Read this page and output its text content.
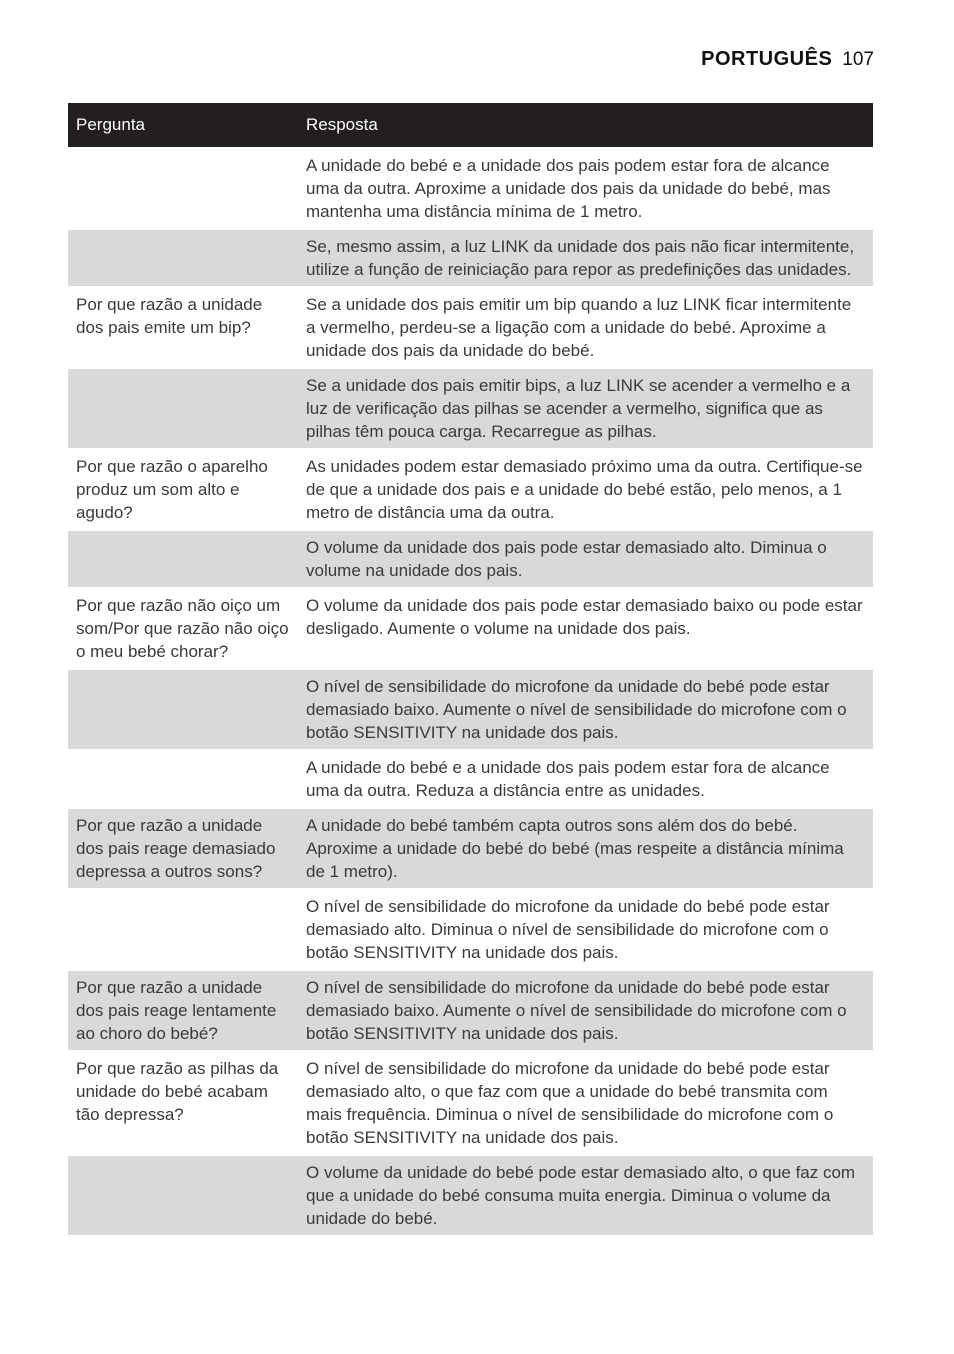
PORTUGUÊS 107
Pergunta	Resposta
	A unidade do bebé e a unidade dos pais podem estar fora de alcance uma da outra. Aproxime a unidade dos pais da unidade do bebé, mas mantenha uma distância mínima de 1 metro.
	Se, mesmo assim, a luz LINK da unidade dos pais não ficar intermitente, utilize a função de reiniciação para repor as predefinições das unidades.
Por que razão a unidade dos pais emite um bip?	Se a unidade dos pais emitir um bip quando a luz LINK ficar intermitente a vermelho, perdeu-se a ligação com a unidade do bebé. Aproxime a unidade dos pais da unidade do bebé.
	Se a unidade dos pais emitir bips, a luz LINK se acender a vermelho e a luz de verificação das pilhas se acender a vermelho, significa que as pilhas têm pouca carga. Recarregue as pilhas.
Por que razão o aparelho produz um som alto e agudo?	As unidades podem estar demasiado próximo uma da outra. Certifique-se de que a unidade dos pais e a unidade do bebé estão, pelo menos, a 1 metro de distância uma da outra.
	O volume da unidade dos pais pode estar demasiado alto. Diminua o volume na unidade dos pais.
Por que razão não oiço um som/Por que razão não oiço o meu bebé chorar?	O volume da unidade dos pais pode estar demasiado baixo ou pode estar desligado. Aumente o volume na unidade dos pais.
	O nível de sensibilidade do microfone da unidade do bebé pode estar demasiado baixo. Aumente o nível de sensibilidade do microfone com o botão SENSITIVITY na unidade dos pais.
	A unidade do bebé e a unidade dos pais podem estar fora de alcance uma da outra. Reduza a distância entre as unidades.
Por que razão a unidade dos pais reage demasiado depressa a outros sons?	A unidade do bebé também capta outros sons além dos do bebé. Aproxime a unidade do bebé do bebé (mas respeite a distância mínima de 1 metro).
	O nível de sensibilidade do microfone da unidade do bebé pode estar demasiado alto. Diminua o nível de sensibilidade do microfone com o botão SENSITIVITY na unidade dos pais.
Por que razão a unidade dos pais reage lentamente ao choro do bebé?	O nível de sensibilidade do microfone da unidade do bebé pode estar demasiado baixo. Aumente o nível de sensibilidade do microfone com o botão SENSITIVITY na unidade dos pais.
Por que razão as pilhas da unidade do bebé acabam tão depressa?	O nível de sensibilidade do microfone da unidade do bebé pode estar demasiado alto, o que faz com que a unidade do bebé transmita com mais frequência. Diminua o nível de sensibilidade do microfone com o botão SENSITIVITY na unidade dos pais.
	O volume da unidade do bebé pode estar demasiado alto, o que faz com que a unidade do bebé consuma muita energia. Diminua o volume da unidade do bebé.
